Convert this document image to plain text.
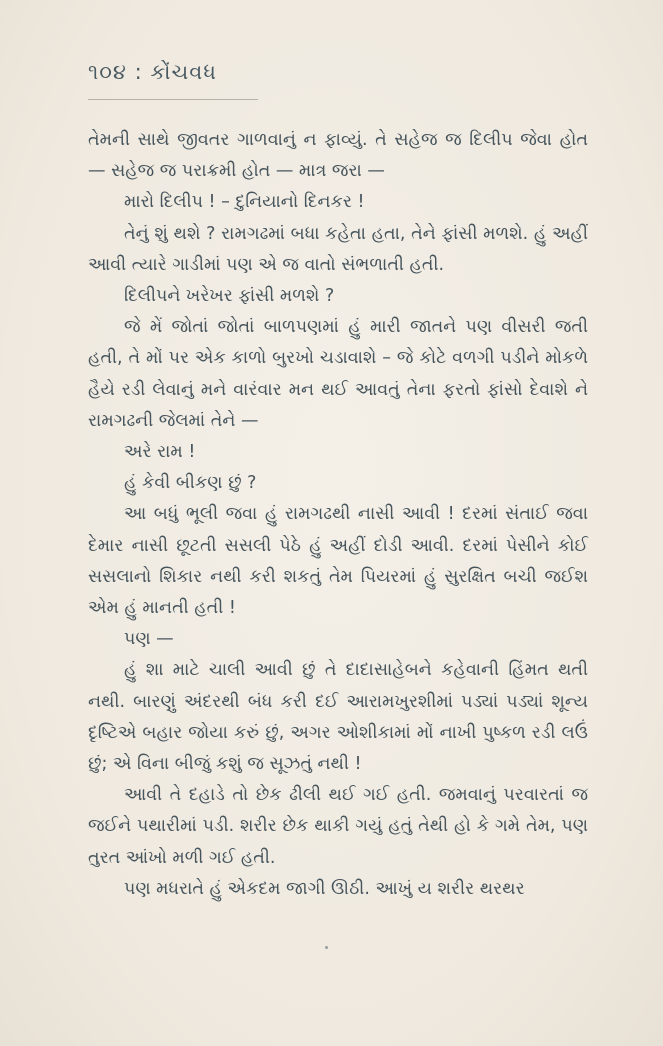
૧૦૪ : કોંચવધ

તેમની સાથે જીવતર ગાળવાનું ન ફાવ્યું. તે સહેજ જ દિલીપ જેવા હોત — સહેજ જ પરાક્રમી હોત — માત્ર જરા —

મારો દિલીપ ! – દુનિયાનો દિનકર !

તેનું શું થશે ? રામગઢમાં બધા કહેતા હતા, તેને ફાંસી મળશે. હું અહીં આવી ત્યારે ગાડીમાં પણ એ જ વાતો સંભળાતી હતી.

દિલીપને ખરેખર ફાંસી મળશે ?

જે મેં જોતાં જોતાં બાળપણમાં હું મારી જાતને પણ વીસરી જતી હતી, તે મોં પર એક કાળો બુરખો ચડાવાશે – જે કોટે વળગી પડીને મોકળે હૈયે રડી લેવાનું મને વારંવાર મન થઈ આવતું તેના ફરતો ફાંસો દેવાશે ને રામગઢની જેલમાં તેને —

અરે રામ !

હું કેવી બીકણ છું ?

આ બધું ભૂલી જવા હું રામગઢથી નાસી આવી ! દરમાં સંતાઈ જવા દેમાર નાસી છૂટતી સસલી પેઠે હું અહીં દોડી આવી. દરમાં પેસીને કોઈ સસલાનો શિકાર નથી કરી શકતું તેમ પિયરમાં હું સુરક્ષિત બચી જઈશ એમ હું માનતી હતી !

પણ —

હું શા માટે ચાલી આવી છું તે દાદાસાહેબને કહેવાની હિંમત થતી નથી. બારણું અંદરથી બંધ કરી દઈ આરામખુરશીમાં પડ્યાં પડ્યાં શૂન્ય દૃષ્ટિએ બહાર જોયા કરું છું, અગર ઓશીકામાં મોં નાખી પુષ્કળ રડી લઉં છું; એ વિના બીજું કશું જ સૂઝતું નથી !

આવી તે દહાડે તો છેક ઢીલી થઈ ગઈ હતી. જમવાનું પરવારતાં જ જઈને પથારીમાં પડી. શરીર છેક થાકી ગયું હતું તેથી હો કે ગમે તેમ, પણ તુરત આંખો મળી ગઈ હતી.

પણ મધરાતે હું એકદમ જાગી ઊઠી. આખું ય શરીર થરથર
